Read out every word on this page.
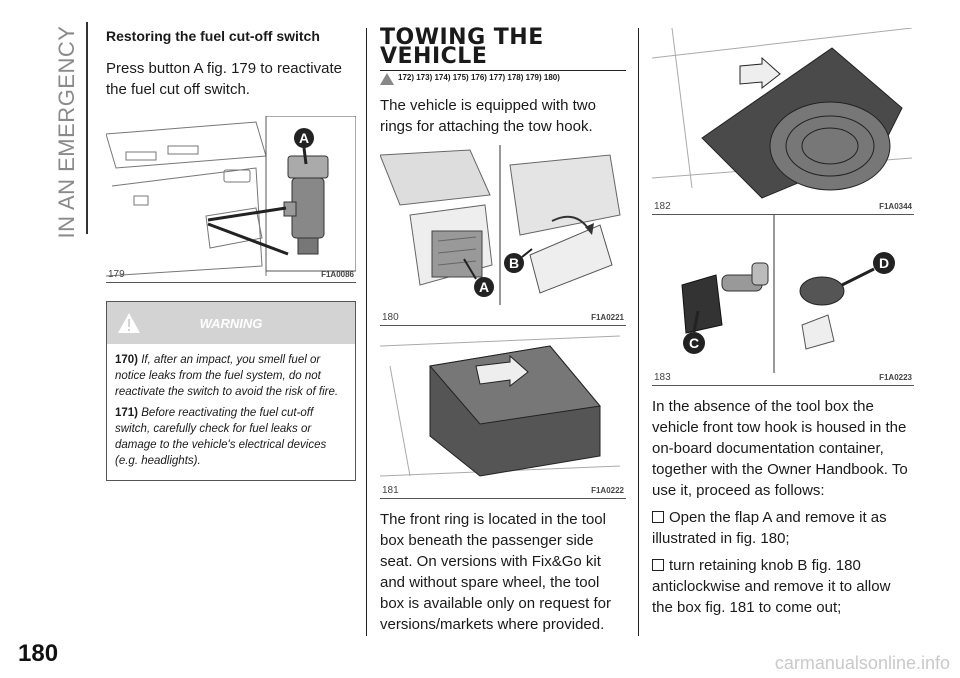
IN AN EMERGENCY Restoring the fuel cut-off switch

Press button A fig. 179 to reactivate the fuel cut off switch.

A
179	F1A0086
WARNING
170) If, after an impact, you smell fuel or notice leaks from the fuel system, do not reactivate the switch to avoid the risk of fire.
171) Before reactivating the fuel cut-off switch, carefully check for fuel leaks or damage to the vehicle's electrical devices (e.g. headlights).
TOWING THE
VEHICLE
172) 173) 174) 175) 176) 177) 178) 179) 180)

The vehicle is equipped with two rings for attaching the tow hook.

A
B
180	F1A0221
181	F1A0222

The front ring is located in the tool box beneath the passenger side seat. On versions with Fix&Go kit and without spare wheel, the tool box is available only on request for versions/markets where provided.

182	F1A0344
C
D
183	F1A0223

In the absence of the tool box the vehicle front tow hook is housed in the on-board documentation container, together with the Owner Handbook. To use it, proceed as follows:

Open the flap A and remove it as illustrated in fig. 180;

turn retaining knob B fig. 180 anticlockwise and remove it to allow the box fig. 181 to come out;

180	carmanualsonline.info
